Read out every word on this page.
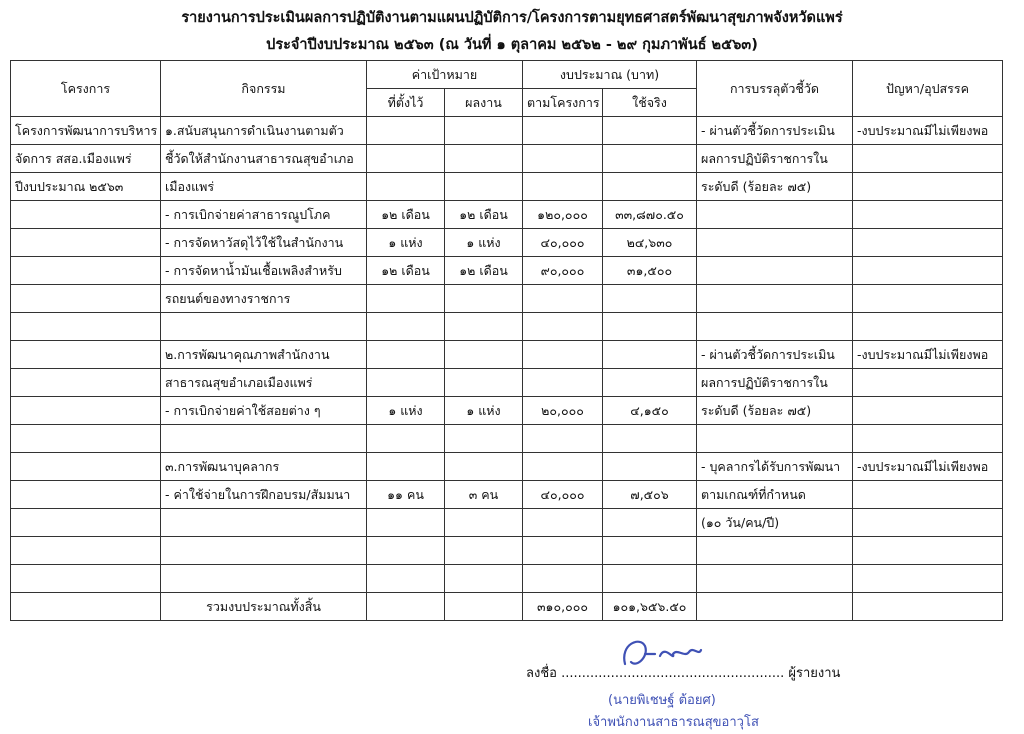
รายงานการประเมินผลการปฏิบัติงานตามแผนปฏิบัติการ/โครงการตามยุทธศาสตร์พัฒนาสุขภาพจังหวัดแพร่
ประจำปีงบประมาณ ๒๕๖๓ (ณ วันที่ ๑ ตุลาคม ๒๕๖๒ - ๒๙ กุมภาพันธ์ ๒๕๖๓)
โครงการ	กิจกรรม	ค่าเป้าหมาย		งบประมาณ (บาท)		การบรรลุตัวชี้วัด	ปัญหา/อุปสรรค
		ที่ตั้งไว้	ผลงาน	ตามโครงการ	ใช้จริง		
โครงการพัฒนาการบริหาร	๑.สนับสนุนการดำเนินงานตามตัว					- ผ่านตัวชี้วัดการประเมิน	-งบประมาณมีไม่เพียงพอ
จัดการ สสอ.เมืองแพร่	ชี้วัดให้สำนักงานสาธารณสุขอำเภอ					ผลการปฏิบัติราชการใน	
ปีงบประมาณ ๒๕๖๓	เมืองแพร่					ระดับดี (ร้อยละ ๗๕)	
	- การเบิกจ่ายค่าสาธารณูปโภค	๑๒ เดือน	๑๒ เดือน	๑๒๐,๐๐๐	๓๓,๘๗๐.๕๐		
	- การจัดหาวัสดุไว้ใช้ในสำนักงาน	๑ แห่ง	๑ แห่ง	๔๐,๐๐๐	๒๔,๖๓๐		
	- การจัดหาน้ำมันเชื้อเพลิงสำหรับ	๑๒ เดือน	๑๒ เดือน	๙๐,๐๐๐	๓๑,๕๐๐		
	รถยนต์ของทางราชการ						

	๒.การพัฒนาคุณภาพสำนักงาน					- ผ่านตัวชี้วัดการประเมิน	-งบประมาณมีไม่เพียงพอ
	สาธารณสุขอำเภอเมืองแพร่					ผลการปฏิบัติราชการใน	
	- การเบิกจ่ายค่าใช้สอยต่าง ๆ	๑ แห่ง	๑ แห่ง	๒๐,๐๐๐	๔,๑๕๐	ระดับดี (ร้อยละ ๗๕)	

	๓.การพัฒนาบุคลากร					- บุคลากรได้รับการพัฒนา	-งบประมาณมีไม่เพียงพอ
	- ค่าใช้จ่ายในการฝึกอบรม/สัมมนา	๑๑ คน	๓ คน	๔๐,๐๐๐	๗,๕๐๖	ตามเกณฑ์ที่กำหนด	
						(๑๐ วัน/คน/ปี)	

	รวมงบประมาณทั้งสิ้น			๓๑๐,๐๐๐	๑๐๑,๖๕๖.๕๐		
ลงชื่อ ...................................................... ผู้รายงาน
(นายพิเชษฐ์ ต้อยศ)
เจ้าพนักงานสาธารณสุขอาวุโส
